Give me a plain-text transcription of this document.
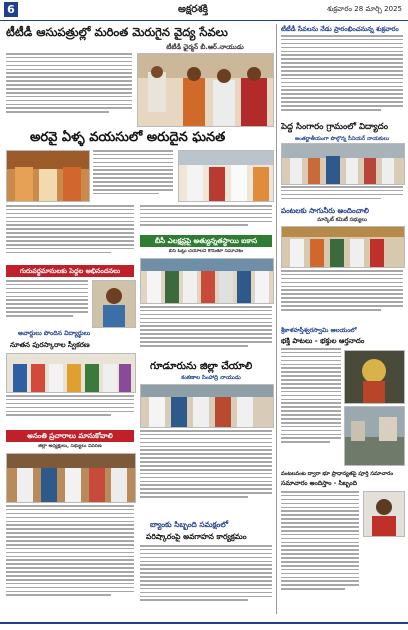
6	అక్షరశక్తి	శుక్రవారం 28 మార్చి 2025
టీటీడీ ఆసుపత్రుల్లో మరింత మెరుగైన వైద్య సేవలు
టీటీడీ ఛైర్మన్ బీ.ఆర్.నాయుడు
టీటీడీ సేవలను నేడు ప్రారంభించనున్న శుక్రవారం
పెద్ద సింగారం గ్రామంలో విద్యాదం
అంతర్జాతీయంగా పొల్గొన్న సీనియర్ నాయకులు
అరవై ఏళ్ళ వయసులో అరుదైన ఘనత
బీసీ ఎలక్షన్లపై అత్యున్నతస్థాయి ఐకాస
బీసీ ఓట్లు చేయాలని కోరుతూ సమావేశం
గురువర్థమానులకు పెద్దల అభినందనలు
అవార్డులు పొందిన విద్యార్థులు
నూతన పురస్కారాల స్వీకరణ
అనంతి ప్రచారాలు మానుకోవాలి
జిల్లా అధ్యక్షులు, సభ్యులు వివరణ
గూడూరును జిల్లా చేయాలి
కంకణాల సింహాద్రి నాయుడు
బ్యాంకు సిబ్బంది సమక్షంలో
పరిష్కారంపై అవగాహన కార్యక్రమం
పంటలకు సాగునీరు అందించాలి
మార్కెట్ కమిటీ సభ్యులు
శ్రీకాళహస్తీశ్వరస్వామి ఆలయంలో
భక్తి పాటలు - భక్తుల ఆర్తనాదం
వంటలవంట ద్వారా భూ ప్రాధాన్యతపై పూర్తి సమాచారం
సమాచారం అందిస్తాం - సిబ్బంది
